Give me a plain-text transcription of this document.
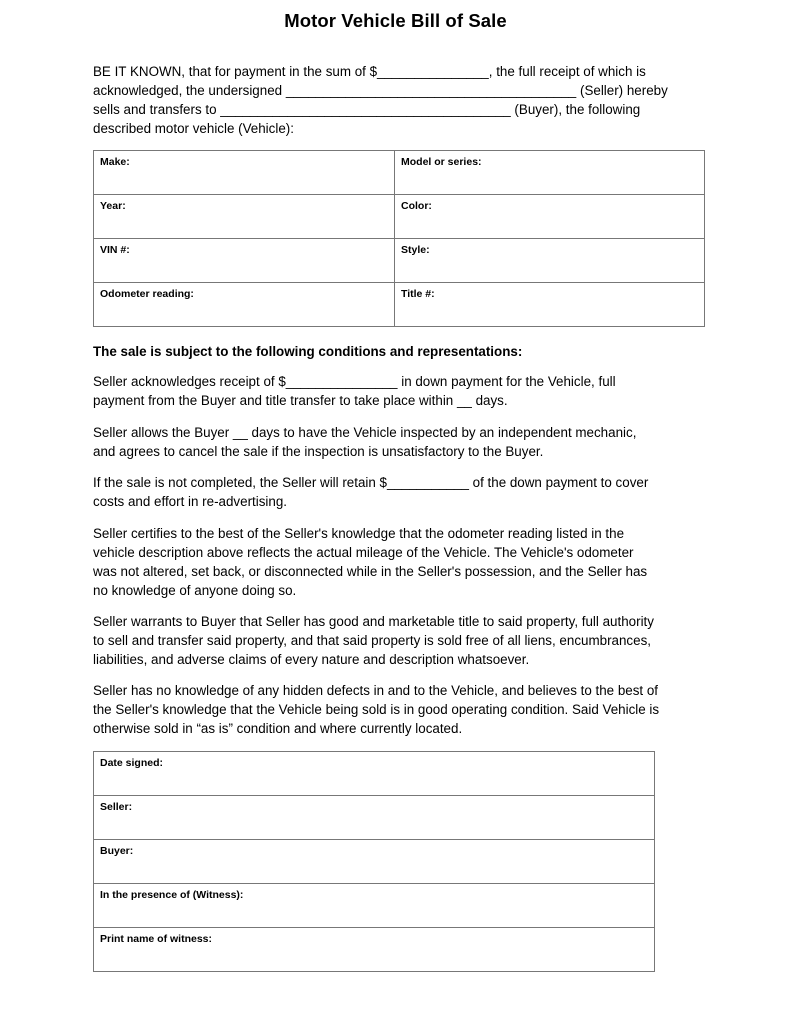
Motor Vehicle Bill of Sale
BE IT KNOWN, that for payment in the sum of $_______________, the full receipt of which is
acknowledged, the undersigned _______________________________________ (Seller) hereby
sells and transfers to _______________________________________ (Buyer), the following
described motor vehicle (Vehicle):
Make:	Model or series:
Year:	Color:
VIN #:	Style:
Odometer reading:	Title #:
The sale is subject to the following conditions and representations:
Seller acknowledges receipt of $_______________ in down payment for the Vehicle, full
payment from the Buyer and title transfer to take place within __ days.
Seller allows the Buyer __ days to have the Vehicle inspected by an independent mechanic,
and agrees to cancel the sale if the inspection is unsatisfactory to the Buyer.
If the sale is not completed, the Seller will retain $___________ of the down payment to cover
costs and effort in re-advertising.
Seller certifies to the best of the Seller's knowledge that the odometer reading listed in the
vehicle description above reflects the actual mileage of the Vehicle. The Vehicle's odometer
was not altered, set back, or disconnected while in the Seller's possession, and the Seller has
no knowledge of anyone doing so.
Seller warrants to Buyer that Seller has good and marketable title to said property, full authority
to sell and transfer said property, and that said property is sold free of all liens, encumbrances,
liabilities, and adverse claims of every nature and description whatsoever.
Seller has no knowledge of any hidden defects in and to the Vehicle, and believes to the best of
the Seller's knowledge that the Vehicle being sold is in good operating condition. Said Vehicle is
otherwise sold in “as is” condition and where currently located.
Date signed:
Seller:
Buyer:
In the presence of (Witness):
Print name of witness:
